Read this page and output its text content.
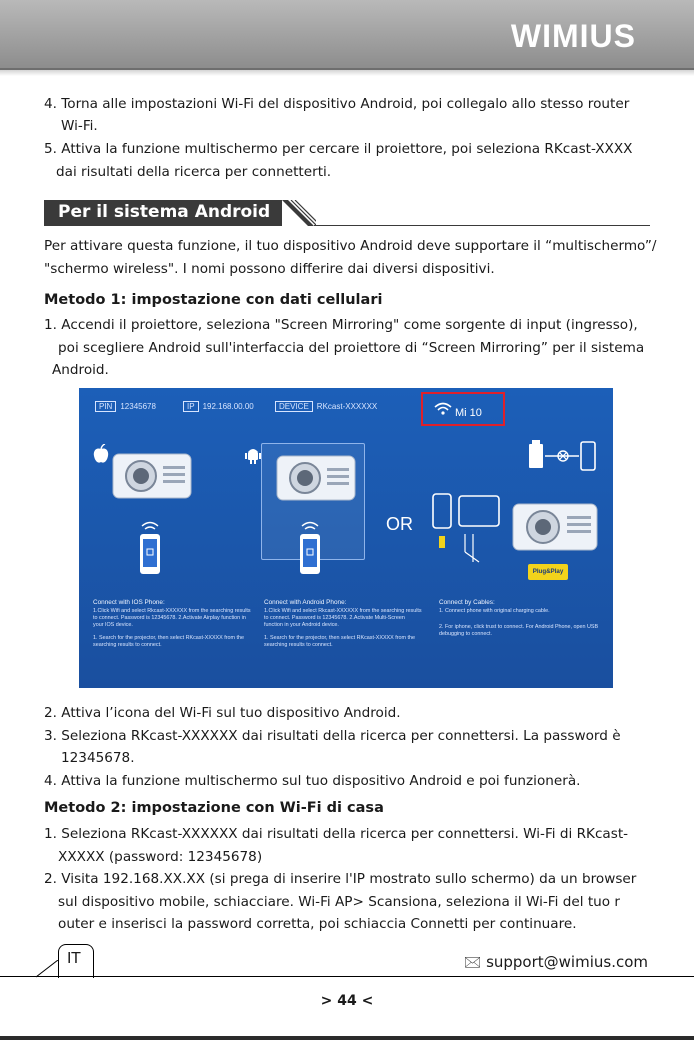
WIMIUS
4. Torna alle impostazioni Wi-Fi del dispositivo Android, poi collegalo allo stesso router
Wi-Fi.
5. Attiva la funzione multischermo per cercare il proiettore, poi seleziona RKcast-XXXX
dai risultati della ricerca per connetterti.
Per il sistema Android
Per attivare questa funzione, il tuo dispositivo Android deve supportare il “multischermo”/
"schermo wireless". I nomi possono differire dai diversi dispositivi.
Metodo 1: impostazione con dati cellulari
1. Accendi il proiettore, seleziona "Screen Mirroring" come sorgente di input (ingresso),
poi scegliere Android sull'interfaccia del proiettore di “Screen Mirroring” per il sistema
Android.
PIN 12345678	IP 192.168.00.00	DEVICE RKcast-XXXXXX
Mi 10
OR
Plug&Play
Connect with IOS Phone:
1.Click Wifi and select Rkcast-XXXXXX from the searching results to connect. Password is 12345678. 2.Activate Airplay function in your IOS device.
1. Search for the projector, then select RKcast-XXXXX from the searching results to connect.
Connect with Android Phone:
1.Click Wifi and select Rkcast-XXXXXX from the searching results to connect. Password is 12345678. 2.Activate Multi-Screen function in your Android device.
1. Search for the projector, then select RKcast-XXXXX from the searching results to connect.
Connect by Cables:
1. Connect phone with original charging cable.
2. For iphone, click trust to connect. For Android Phone, open USB debugging to connect.
2. Attiva l’icona del Wi-Fi sul tuo dispositivo Android.
3. Seleziona RKcast-XXXXXX dai risultati della ricerca per connettersi. La password è
12345678.
4. Attiva la funzione multischermo sul tuo dispositivo Android e poi funzionerà.
Metodo 2: impostazione con Wi-Fi di casa
1. Seleziona RKcast-XXXXXX dai risultati della ricerca per connettersi. Wi-Fi di RKcast-
XXXXX (password: 12345678)
2. Visita 192.168.XX.XX (si prega di inserire l'IP mostrato sullo schermo) da un browser
sul dispositivo mobile, schiacciare. Wi-Fi AP> Scansiona, seleziona il Wi-Fi del tuo r
outer e inserisci la password corretta, poi schiaccia Connetti per continuare.
IT	🖂 support@wimius.com
> 44 <
